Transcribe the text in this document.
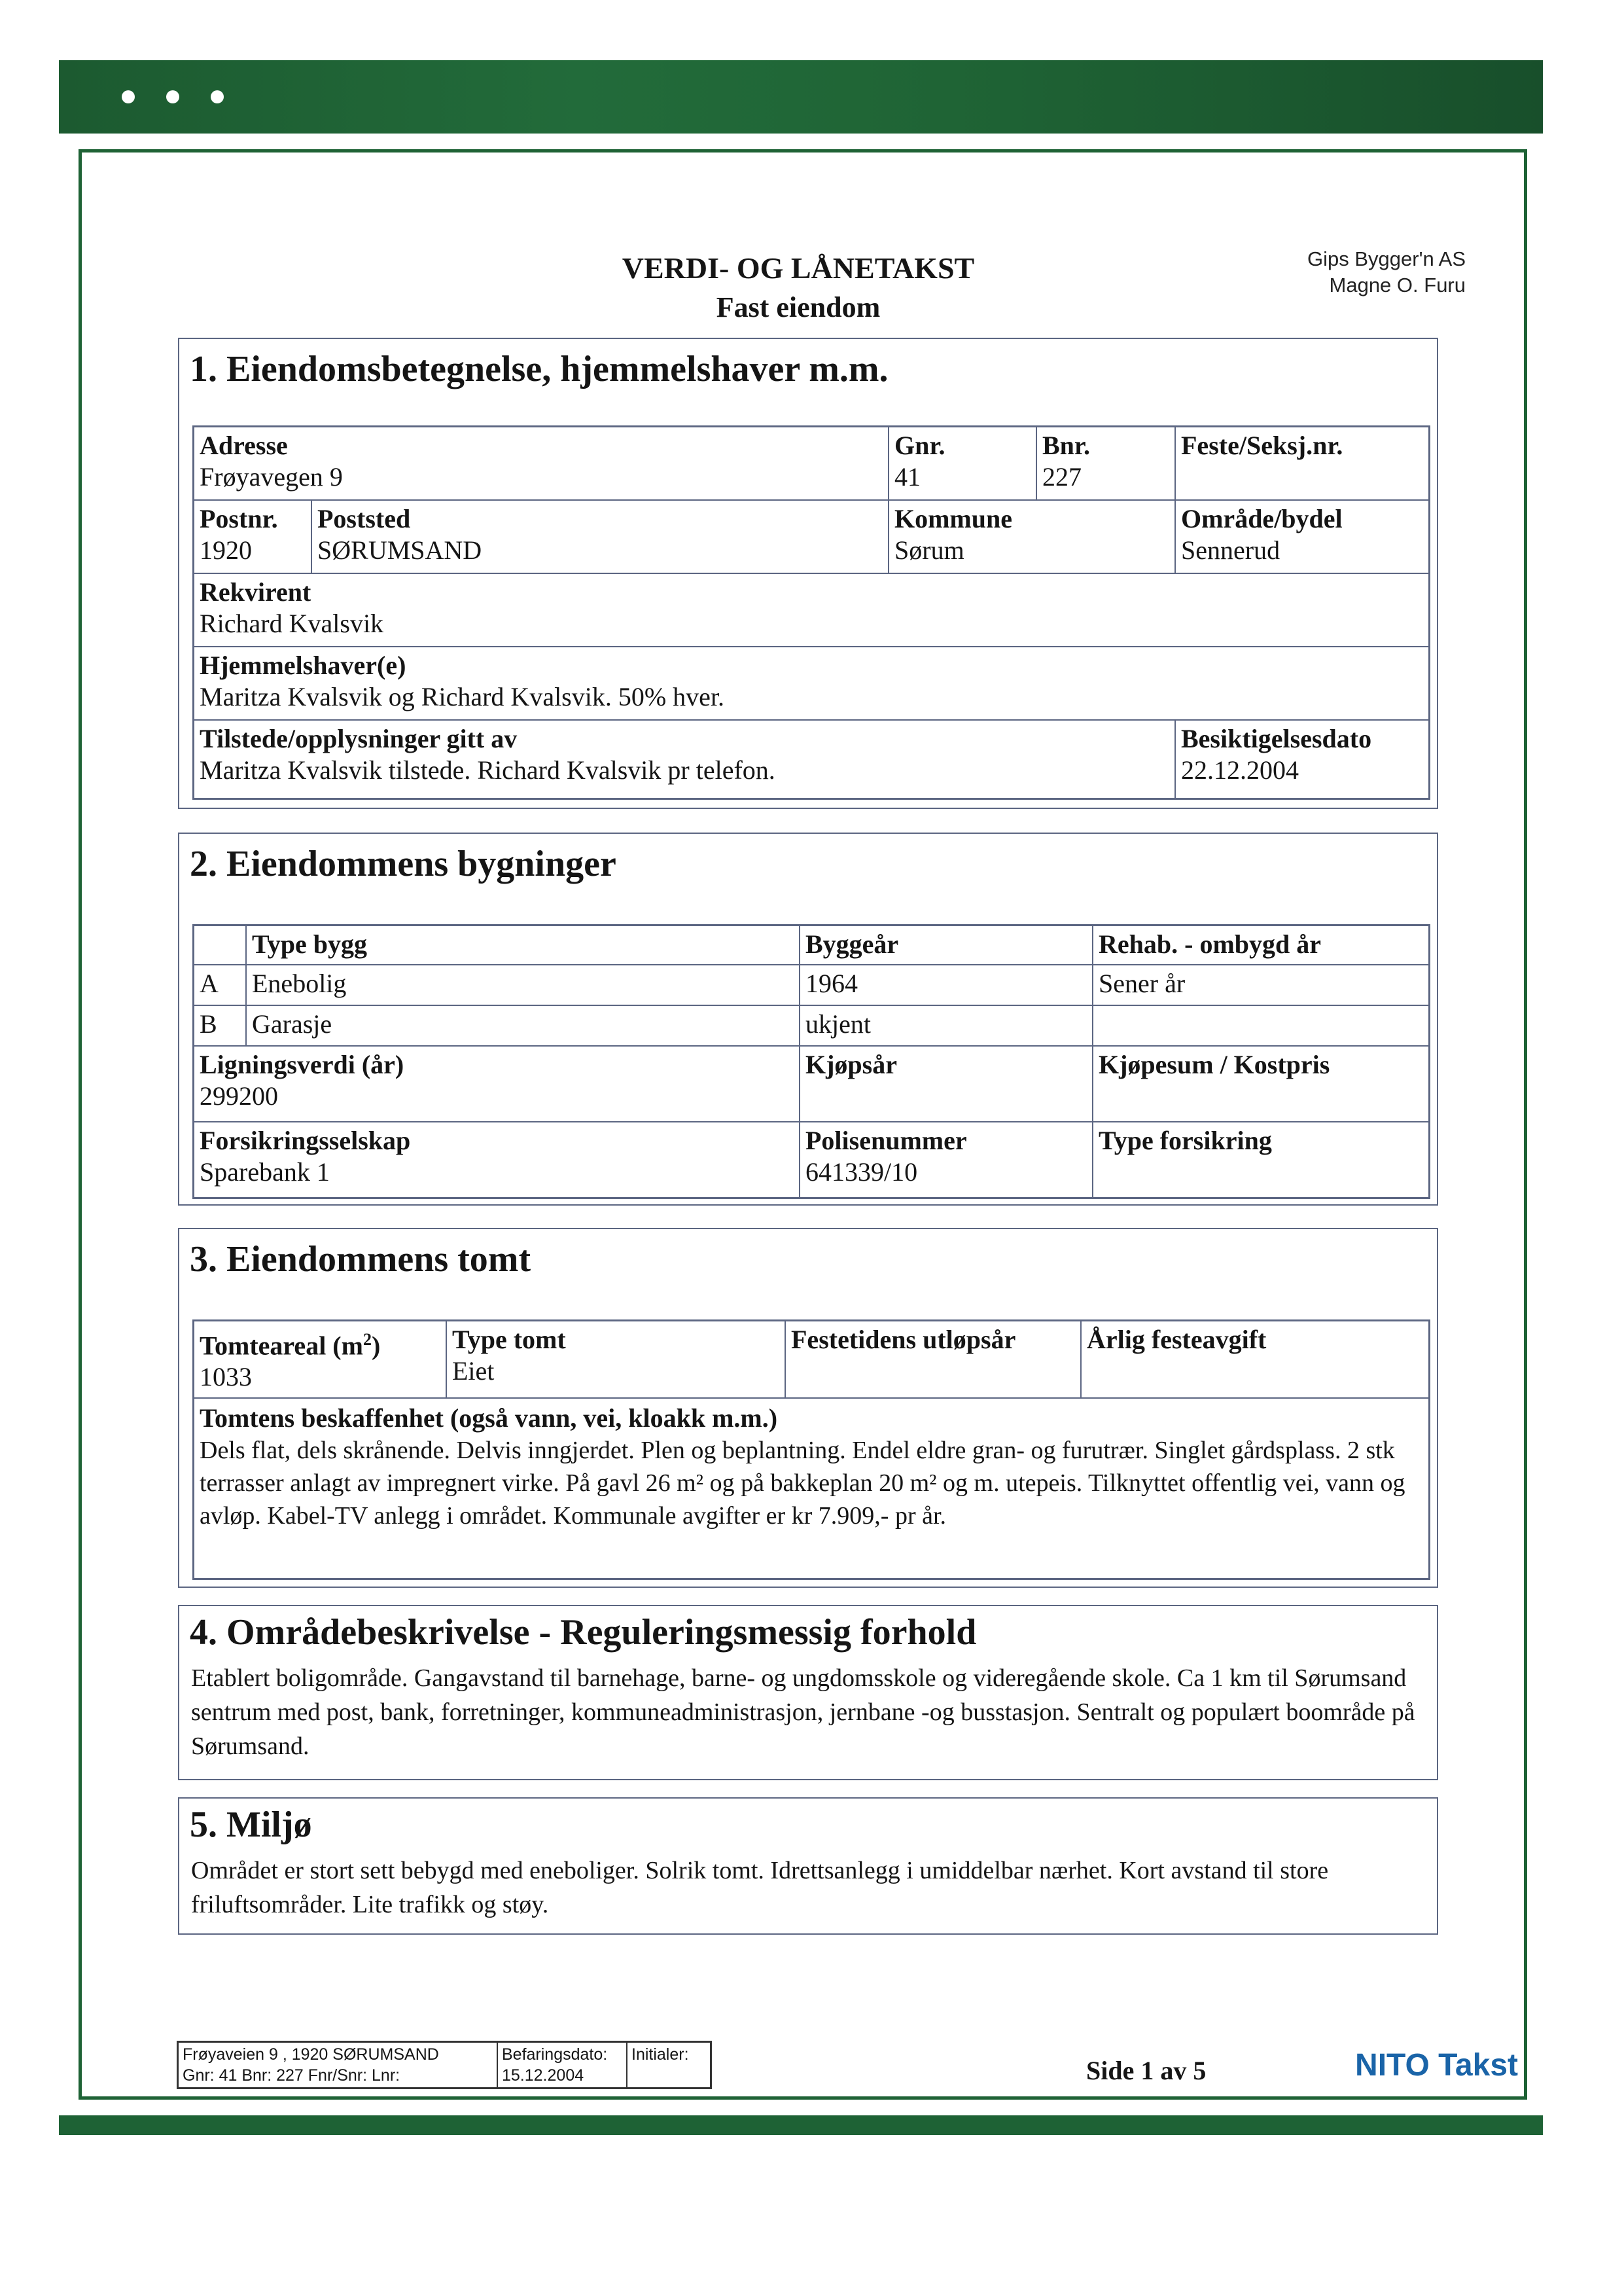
VERDI- OG LÅNETAKST
Fast eiendom
Gips Bygger'n AS
Magne O. Furu
1. Eiendomsbetegnelse, hjemmelshaver m.m.
Adresse
Frøyavegen 9
Gnr.
41
Bnr.
227
Feste/Seksj.nr.
Postnr.
1920
Poststed
SØRUMSAND
Kommune
Sørum
Område/bydel
Sennerud
Rekvirent
Richard Kvalsvik
Hjemmelshaver(e)
Maritza Kvalsvik og Richard Kvalsvik. 50% hver.
Tilstede/opplysninger gitt av
Maritza Kvalsvik tilstede. Richard Kvalsvik pr telefon.
Besiktigelsesdato
22.12.2004
2. Eiendommens bygninger
Type bygg	Byggeår	Rehab. - ombygd år
A	Enebolig	1964	Sener år
B	Garasje	ukjent
Ligningsverdi (år)
299200
Kjøpsår	Kjøpesum / Kostpris
Forsikringsselskap
Sparebank 1
Polisenummer
641339/10
Type forsikring
3. Eiendommens tomt
Tomteareal $(m^2)$
1033
Type tomt
Eiet
Festetidens utløpsår	Årlig festeavgift
Tomtens beskaffenhet (også vann, vei, kloakk m.m.)
Dels flat, dels skrånende. Delvis inngjerdet. Plen og beplantning. Endel eldre gran- og furutrær. Singlet gårdsplass. 2 stk terrasser anlagt av impregnert virke. På gavl 26 m² og på bakkeplan 20 m² og m. utepeis. Tilknyttet offentlig vei, vann og avløp. Kabel-TV anlegg i området. Kommunale avgifter er kr 7.909,- pr år.
4. Områdebeskrivelse - Reguleringsmessig forhold
Etablert boligområde. Gangavstand til barnehage, barne- og ungdomsskole og videregående skole. Ca 1 km til Sørumsand sentrum med post, bank, forretninger, kommuneadministrasjon, jernbane -og busstasjon. Sentralt og populært boområde på Sørumsand.
5. Miljø
Området er stort sett bebygd med eneboliger. Solrik tomt. Idrettsanlegg i umiddelbar nærhet. Kort avstand til store friluftsområder. Lite trafikk og støy.
Frøyaveien 9 , 1920 SØRUMSAND
Gnr: 41 Bnr: 227 Fnr/Snr: Lnr:
Befaringsdato:
15.12.2004
Initialer:
Side 1 av 5	NITO Takst
